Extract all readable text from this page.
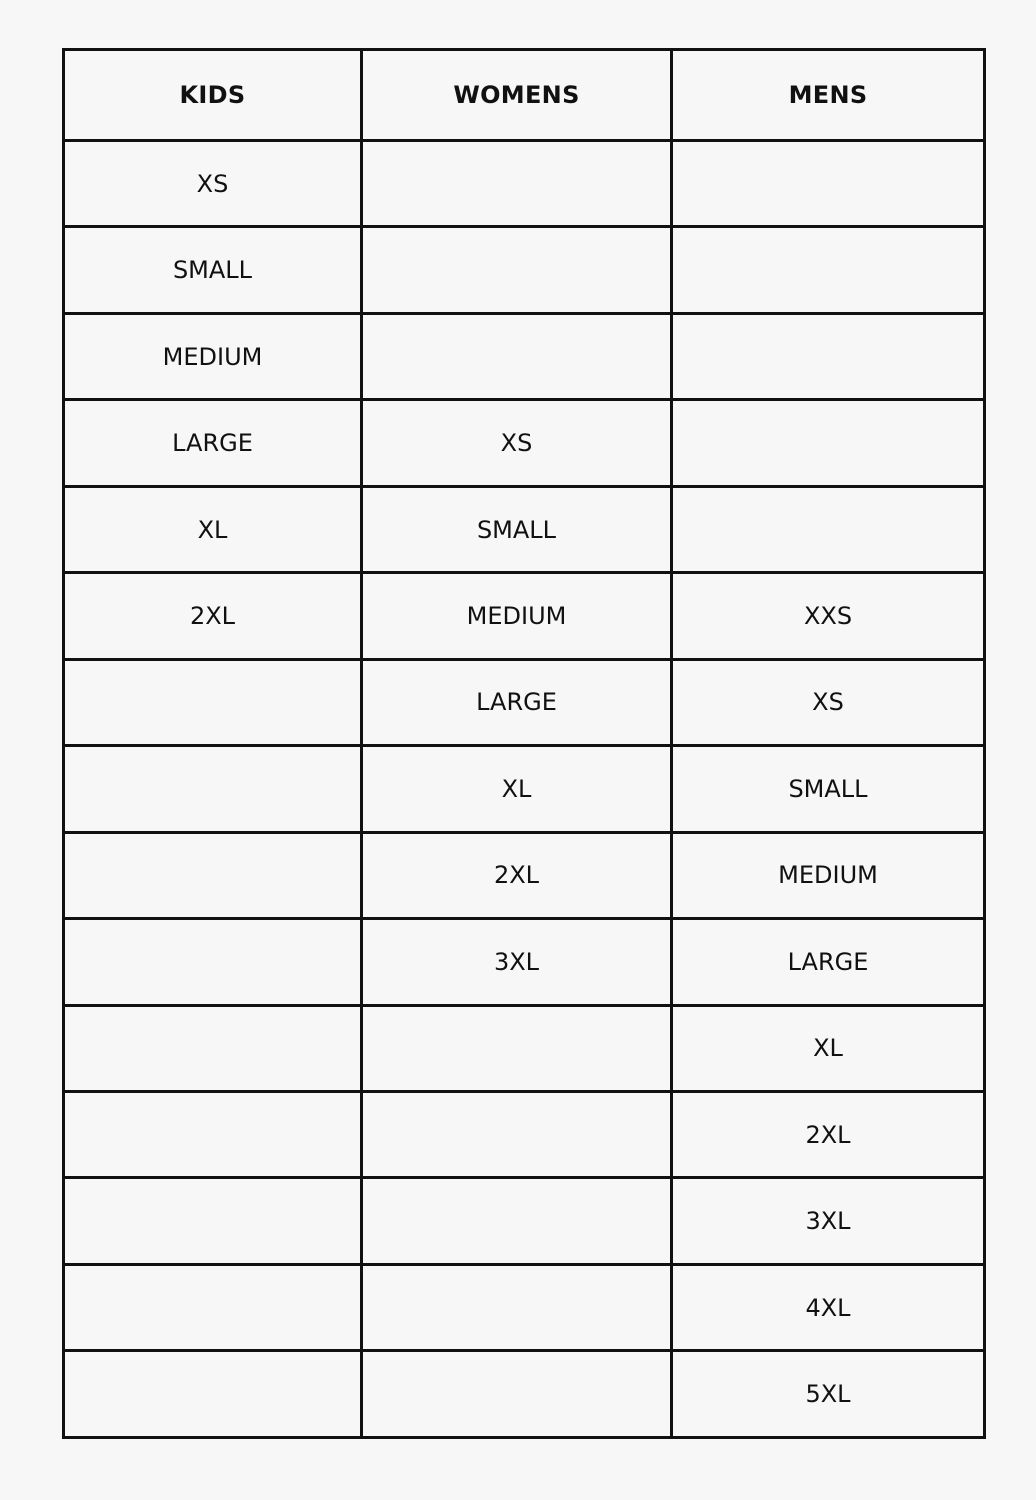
KIDS	WOMENS	MENS
XS		
SMALL		
MEDIUM		
LARGE	XS	
XL	SMALL	
2XL	MEDIUM	XXS
	LARGE	XS
	XL	SMALL
	2XL	MEDIUM
	3XL	LARGE
		XL
		2XL
		3XL
		4XL
		5XL
